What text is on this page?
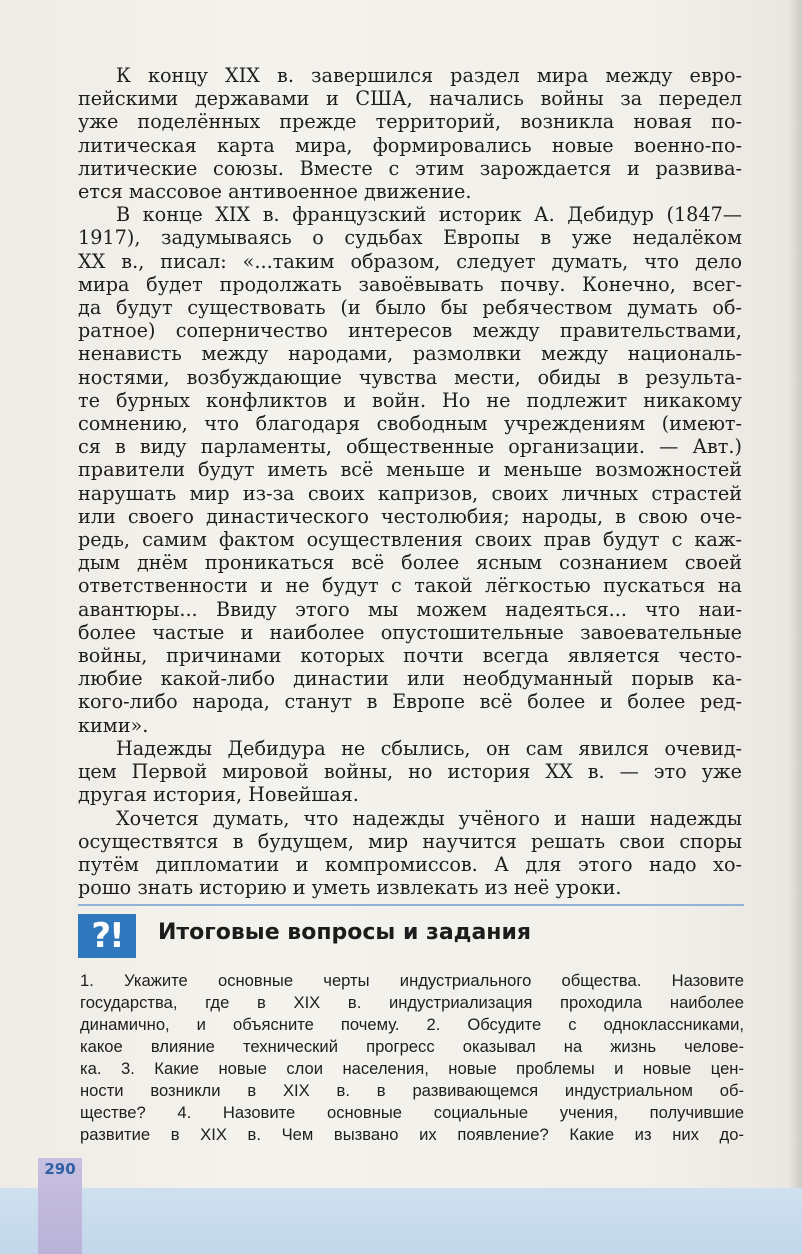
К концу XIX в. завершился раздел мира между евро-
пейскими державами и США, начались войны за передел
уже поделённых прежде территорий, возникла новая по-
литическая карта мира, формировались новые военно-по-
литические союзы. Вместе с этим зарождается и развива-
ется массовое антивоенное движение.
В конце XIX в. французский историк А. Дебидур (1847—
1917), задумываясь о судьбах Европы в уже недалёком
XX в., писал: «...таким образом, следует думать, что дело
мира будет продолжать завоёвывать почву. Конечно, всег-
да будут существовать (и было бы ребячеством думать об-
ратное) соперничество интересов между правительствами,
ненависть между народами, размолвки между националь-
ностями, возбуждающие чувства мести, обиды в результа-
те бурных конфликтов и войн. Но не подлежит никакому
сомнению, что благодаря свободным учреждениям (имеют-
ся в виду парламенты, общественные организации. — Авт.)
правители будут иметь всё меньше и меньше возможностей
нарушать мир из-за своих капризов, своих личных страстей
или своего династического честолюбия; народы, в свою оче-
редь, самим фактом осуществления своих прав будут с каж-
дым днём проникаться всё более ясным сознанием своей
ответственности и не будут с такой лёгкостью пускаться на
авантюры... Ввиду этого мы можем надеяться... что наи-
более частые и наиболее опустошительные завоевательные
войны, причинами которых почти всегда является често-
любие какой-либо династии или необдуманный порыв ка-
кого-либо народа, станут в Европе всё более и более ред-
кими».
Надежды Дебидура не сбылись, он сам явился очевид-
цем Первой мировой войны, но история XX в. — это уже
другая история, Новейшая.
Хочется думать, что надежды учёного и наши надежды
осуществятся в будущем, мир научится решать свои споры
путём дипломатии и компромиссов. А для этого надо хо-
рошо знать историю и уметь извлекать из неё уроки.
?!	Итоговые вопросы и задания
1. Укажите основные черты индустриального общества. Назовите
государства, где в XIX в. индустриализация проходила наиболее
динамично, и объясните почему. 2. Обсудите с одноклассниками,
какое влияние технический прогресс оказывал на жизнь челове-
ка. 3. Какие новые слои населения, новые проблемы и новые цен-
ности возникли в XIX в. в развивающемся индустриальном об-
ществе? 4. Назовите основные социальные учения, получившие
развитие в XIX в. Чем вызвано их появление? Какие из них до-
290
